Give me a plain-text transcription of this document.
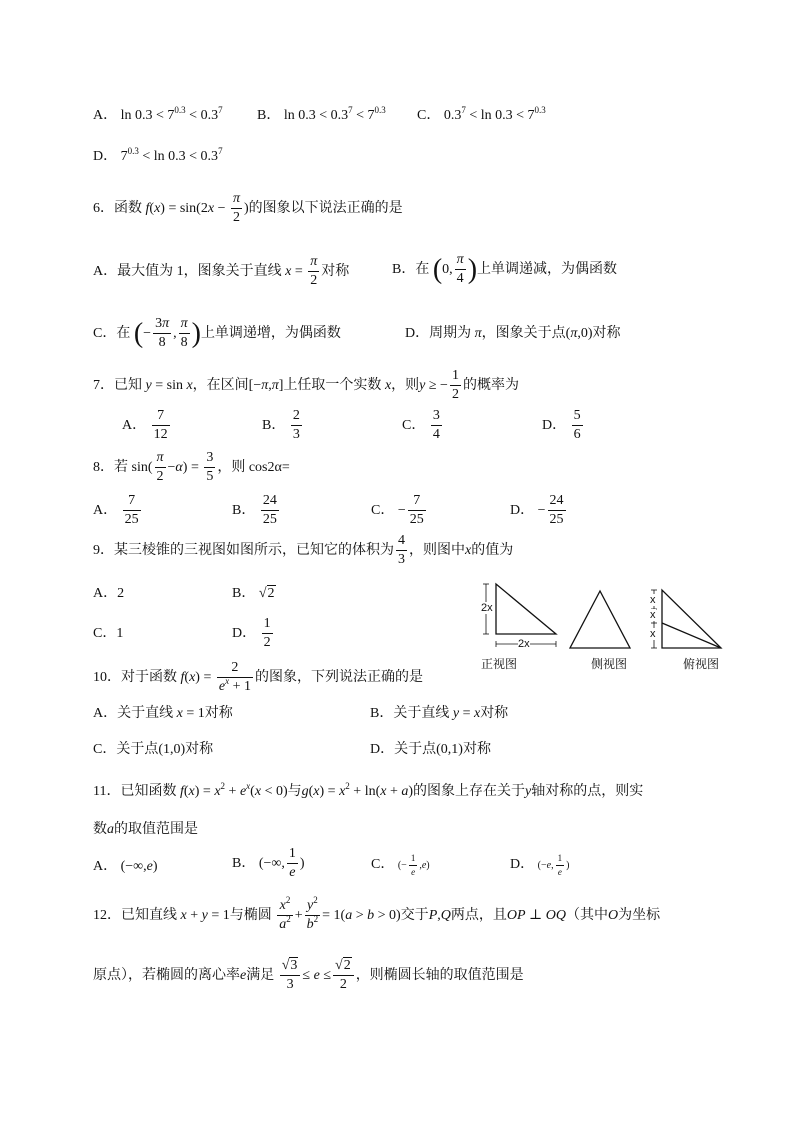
A． $\ln 0.3 < 7^{0.3} < 0.3^7$ B． $\ln 0.3 < 0.3^7 < 7^{0.3}$ C． $0.3^7 < \ln 0.3 < 7^{0.3}$
D． $7^{0.3} < \ln 0.3 < 0.3^7$
6．函数 $f(x) = \sin(2x - \frac{\pi}{2}$ )的图象以下说法正确的是
A．最大值为 1，图象关于直线 $x = \frac{\pi}{2}$ 对称	B．在 (0, $\frac{\pi}{4}$ )上单调递减，为偶函数
C．在 (− $\frac{3\pi}{8}$ , $\frac{\pi}{8}$ )上单调递增，为偶函数	D．周期为 π，图象关于点(π,0)对称
7．已知 y = sin x，在区间[−π,π]上任取一个实数 x，则y ≥ − $\frac{1}{2}$ 的概率为
A． $\frac{7}{12}$	B． $\frac{2}{3}$	C． $\frac{3}{4}$	D． $\frac{5}{6}$
8．若 $\sin( \frac{\pi}{2} -\alpha) = \frac{3}{5}$ ，则 cos2α=
A． $\frac{7}{25}$	B． $\frac{24}{25}$	C． − $\frac{7}{25}$	D． − $\frac{24}{25}$
9．某三棱锥的三视图如图所示，已知它的体积为 $\frac{4}{3}$ ，则图中x的值为
A．2	B． √2
C．1	D． $\frac{1}{2}$
2x
2x
x
x
x
正视图	侧视图	俯视图
10．对于函数 $f(x) = \frac{2}{e^x + 1}$ 的图象，下列说法正确的是
A．关于直线 x = 1对称	B．关于直线 y = x对称
C．关于点(1,0)对称	D．关于点(0,1)对称
11．已知函数 $f(x) = x^2 + e^x(x < 0)$与$g(x) = x^2 + \ln(x + a)$的图象上存在关于y轴对称的点，则实
数a的取值范围是
A． (−∞,e)	B． (−∞, $\frac{1}{e}$ )	C． (− $\frac{1}{e} ,e$)	D． (−e, $\frac{1}{e}$ )
12．已知直线 x + y = 1与椭圆 $\frac{x^2}{a^2} + \frac{y^2}{b^2} = 1(a > b > 0)$交于P,Q两点，且OP ⊥ OQ（其中O为坐标
原点），若椭圆的离心率e满足 $\frac{√3}{3} \le e \le \frac{√2}{2}$ ，则椭圆长轴的取值范围是
